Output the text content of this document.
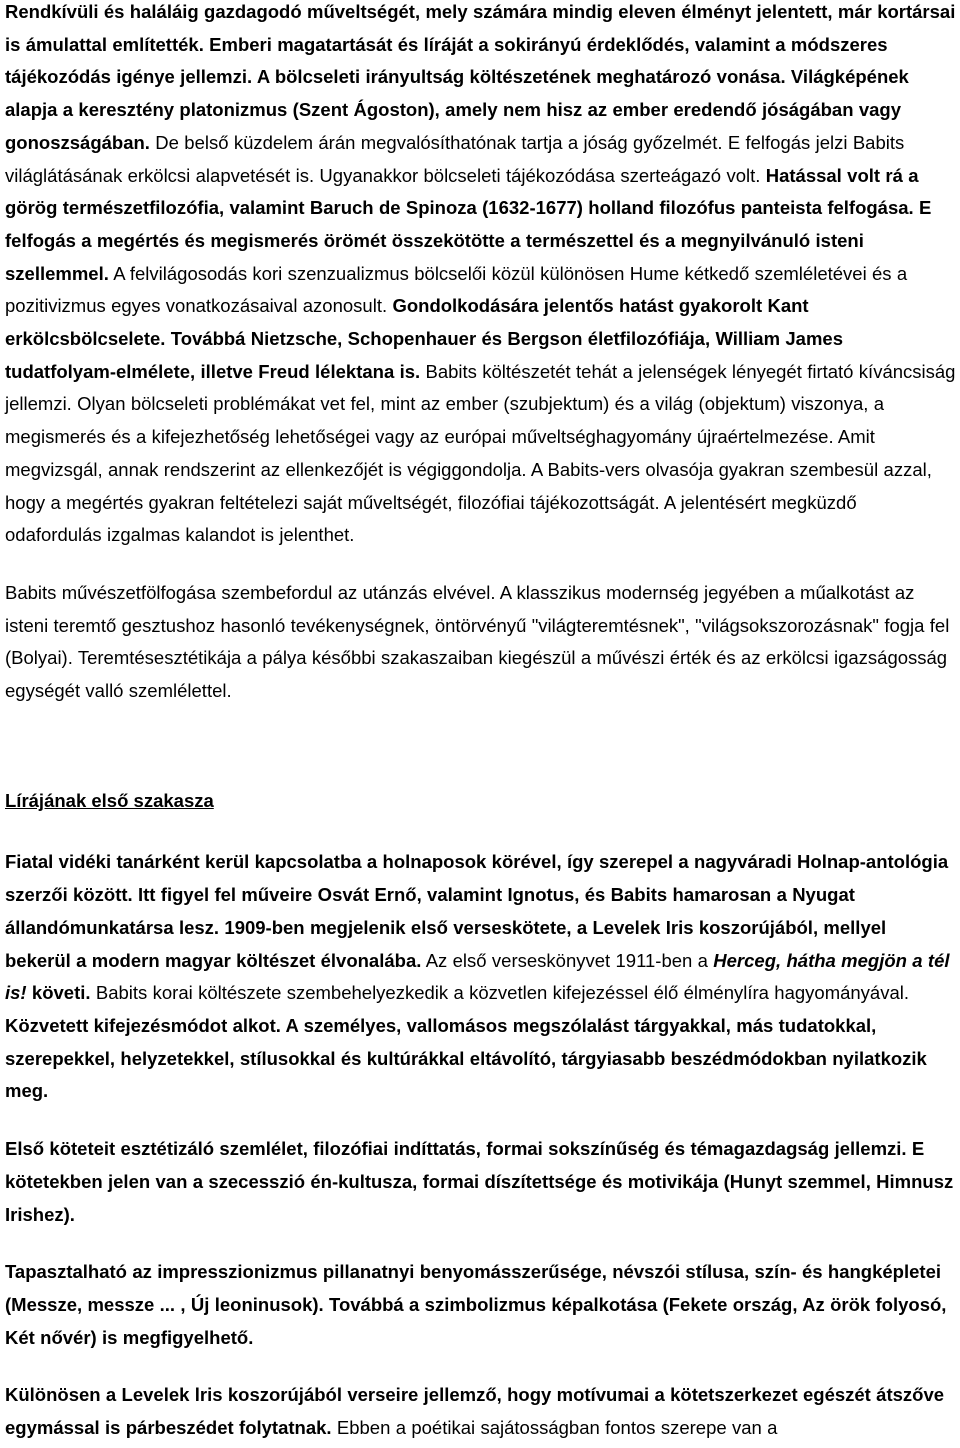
Rendkívüli és haláláig gazdagodó műveltségét, mely számára mindig eleven élményt jelentett, már kortársai is ámulattal említették. Emberi magatartását és líráját a sokirányú érdeklődés, valamint a módszeres tájékozódás igénye jellemzi. A bölcseleti irányultság költészetének meghatározó vonása. Világképének alapja a keresztény platonizmus (Szent Ágoston), amely nem hisz az ember eredendő jóságában vagy gonoszságában. De belső küzdelem árán megvalósíthatónak tartja a jóság győzelmét. E felfogás jelzi Babits világlátásának erkölcsi alapvetését is. Ugyanakkor bölcseleti tájékozódása szerteágazó volt. Hatással volt rá a görög természetfilozófia, valamint Baruch de Spinoza (1632-1677) holland filozófus panteista felfogása. E felfogás a megértés és megismerés örömét összekötötte a természettel és a megnyilvánuló isteni szellemmel. A felvilágosodás kori szenzualizmus bölcselői közül különösen Hume kétkedő szemléletévei és a pozitivizmus egyes vonatkozásaival azonosult. Gondolkodására jelentős hatást gyakorolt Kant erkölcsbölcselete. Továbbá Nietzsche, Schopenhauer és Bergson életfilozófiája, William James tudatfolyam-elmélete, illetve Freud lélektana is. Babits költészetét tehát a jelenségek lényegét firtató kíváncsiság jellemzi. Olyan bölcseleti problémákat vet fel, mint az ember (szubjektum) és a világ (objektum) viszonya, a megismerés és a kifejezhetőség lehetőségei vagy az európai műveltséghagyomány újraértelmezése. Amit megvizsgál, annak rendszerint az ellenkezőjét is végiggondolja. A Babits-vers olvasója gyakran szembesül azzal, hogy a megértés gyakran feltételezi saját műveltségét, filozófiai tájékozottságát. A jelentésért megküzdő odafordulás izgalmas kalandot is jelenthet.

Babits művészetfölfogása szembefordul az utánzás elvével. A klasszikus modernség jegyében a műalkotást az isteni teremtő gesztushoz hasonló tevékenységnek, öntörvényű "világteremtésnek", "világsokszorozásnak" fogja fel (Bolyai). Teremtésesztétikája a pálya későbbi szakaszaiban kiegészül a művészi érték és az erkölcsi igazságosság egységét valló szemlélettel.

Lírájának első szakasza

Fiatal vidéki tanárként kerül kapcsolatba a holnaposok körével, így szerepel a nagyváradi Holnap-antológia szerzői között. Itt figyel fel műveire Osvát Ernő, valamint Ignotus, és Babits hamarosan a Nyugat állandómunkatársa lesz. 1909-ben megjelenik első verseskötete, a Levelek Iris koszorújából, mellyel bekerül a modern magyar költészet élvonalába. Az első verseskönyvet 1911-ben a Herceg, hátha megjön a tél is! követi. Babits korai költészete szembehelyezkedik a közvetlen kifejezéssel élő élménylíra hagyományával. Közvetett kifejezésmódot alkot. A személyes, vallomásos megszólalást tárgyakkal, más tudatokkal, szerepekkel, helyzetekkel, stílusokkal és kultúrákkal eltávolító, tárgyiasabb beszédmódokban nyilatkozik meg.

Első köteteit esztétizáló szemlélet, filozófiai indíttatás, formai sokszínűség és témagazdagság jellemzi. E kötetekben jelen van a szecesszió én-kultusza, formai díszítettsége és motivikája (Hunyt szemmel, Himnusz Irishez).

Tapasztalható az impresszionizmus pillanatnyi benyomásszerűsége, névszói stílusa, szín- és hangképletei (Messze, messze ... , Új leoninusok). Továbbá a szimbolizmus képalkotása (Fekete ország, Az örök folyosó, Két nővér) is megfigyelhető.

Különösen a Levelek lris koszorújából verseire jellemző, hogy motívumai a kötetszerkezet egészét átszőve egymással is párbeszédet folytatnak. Ebben a poétikai sajátosságban fontos szerepe van a
